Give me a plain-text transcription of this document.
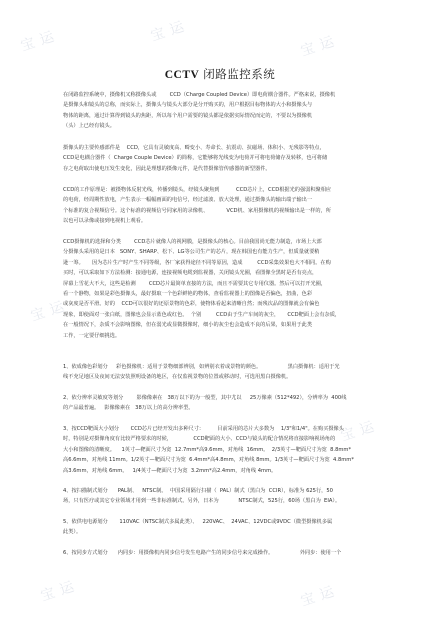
宝运	宝运
宝运
宝运
宝运
宝运	宝运
CCTV 闭路监控系统
在闭路监控系统中，摄像机又称摄像头或        CCD（Charge Coupled Device）即电荷耦合器件。严格来说，摄像机
是摄像头和镜头的总称，而实际上，摄像头与镜头大部分是分开购买的，用户根据目标物体的大小和摄像头与
物体的距离，通过计算得到镜头的焦距，所以每个用户需要的镜头都是依据实际情况而定的，不要以为摄像机
（头）上已经有镜头。
摄像头的主要传感部件是    CCD，它具有灵敏度高、畸变小、寿命长、抗震动、抗磁场、体积小、无残影等特点，
CCD是电耦合器件（  Charge Couple Device）的简称，它能够将光线变为电荷并可将电荷储存及转移，也可将储
存之电荷取出使电压发生变化，因此是理想的摄像元件，是代替摄像管传感器的新型器件。
CCD的工作原理是：被摄物体反射光线，传播到镜头，经镜头聚焦到          CCD芯片上，CCD根据光的强弱积聚相应
的电荷，经周期性放电，产生表示一幅幅画面的电信号，经过滤波、放大处理，通过摄像头的输出端子输出一
个标准的复合视频信号。这个标准的视频信号同家用的录像机、           VCD机、家用摄像机的视频输出是一样的，所
以也可以录像或接到电视机上观看。
CCD摄像机的选择和分类        CCD芯片就像人的视网膜，是摄像头的核心。目前我国尚无能力制造，市场上大部
分摄像头采用的是日本   SONY、SHARP、松下、LG等公司生产的芯片，现在韩国也有能力生产，但质量就要稍
逊一筹。     因为芯片生产时产生不同等级，各厂家获得途径不同等原因，造成         CCD采集效果也大不相同。在购
买时，可以采取如下方法检测：接通电源，连接视频电缆到监视器，关闭镜头光圈，看图像全黑时是否有亮点，
屏幕上雪花大不大，这些是检测        CCD芯片最简单直接的方法，而且不需要其它专用仪器。然后可以打开光圈，
看一个静物，如果是彩色摄像头，最好摄取一个色彩鲜艳的物体，查看监视器上的图像是否偏色，扭曲，色彩
或灰度是否平滑。好的    CCD可以很好的还原景物的色彩，使物体看起来清晰自然；而残次品的图像就会有偏色
现象，即使面对一张白纸，图像也会显示蓝色或红色。  个别         CCD由于生产车间的灰尘，     CCD靶面上会有杂质，
在一般情况下，杂质不会影响图像，但在弱光或显微摄像时，细小的灰尘也会造成不良的后果，如果用于此类
工作，一定要仔细挑选。
1、依成像色彩划分     彩色摄像机：适用于景物细部辨别，如辨别衣着或景物的颜色。                黑白摄像机：适用于光
线不充足地区及夜间无法安装照明设备的地区，在仅监视景物的位置或移动时，可选用黑白摄像机。
2、依分辨率灵敏度等划分        影像像素在   38万以下的为一般型，其中尤以     25万像素（512*492），分辨率为  400线
的产品最普遍。   影像像素在   38万以上的高分辨率型。
3、按CCD靶面大小划分       CCD芯片已经开发出多种尺寸：        目前采用的芯片大多数为    1/3"和1/4"。在购买摄像头
时，特别是对摄像角度有比较严格要求的时候，             CCD靶面的大小、CCD与镜头的配合情况将直接影响视场角的
大小和图像的清晰度。    1英寸—靶面尺寸为宽  12.7mm*高9.6mm，对角线  16mm。  2/3英寸—靶面尺寸为宽  8.8mm*
高6.6mm，对角线 11mm。1/2英寸—靶面尺寸为宽  6.4mm*高4.8mm，对角线 8mm。1/3英寸—靶面尺寸为宽  4.8mm*
高3.6mm，对角线 6mm。   1/4英寸—靶面尺寸为宽  3.2mm*高2.4mm，对角线 4mm。
4、按扫描制式划分      PAL制、   NTSC制。  中国采用隔行扫描（  PAL）制式（黑白为  CCIR），标准为 625行，50
场，只有医疗或其它专业领域才用到一些非标准制式。另外，日本为            NTSC制式，525行，60场（黑白为  EIA）。
5、依供电电源划分       110VAC（NTSC制式多属此类）、   220VAC、  24VAC、12VDC或9VDC（微型摄像机多属
此类）。
6、按同步方式划分      内同步：用摄像机内同步信号发生电路产生的同步信号来完成操作。                外同步：使用一个
